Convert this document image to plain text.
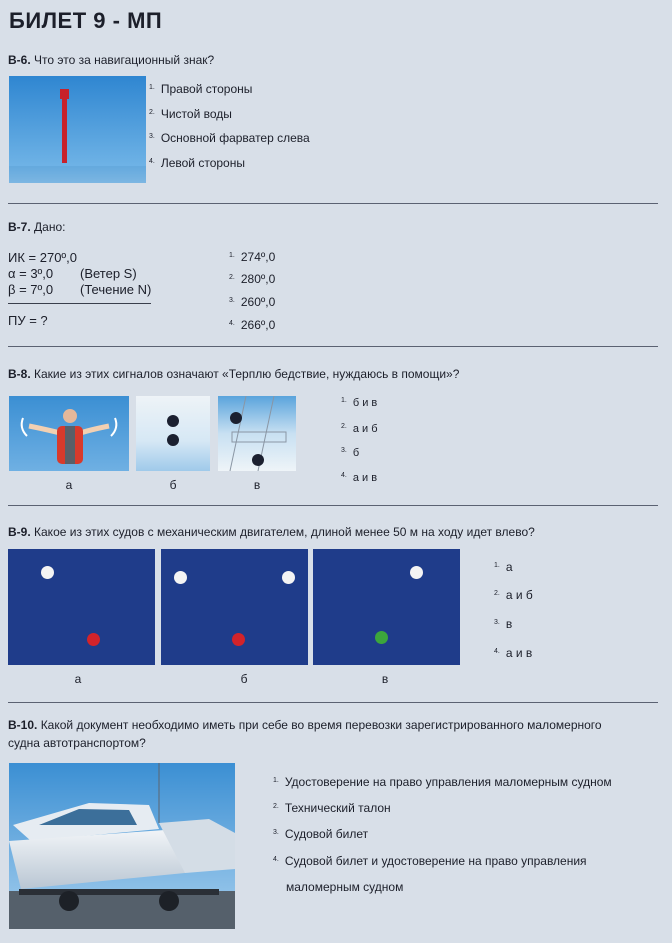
БИЛЕТ 9 - МП
В-6. Что это за навигационный знак?
$^{1.}$ Правой стороны
$^{2.}$ Чистой воды
$^{3.}$ Основной фарватер слева
$^{4.}$ Левой стороны
В-7. Дано:
ИК = 270º,0
α = 3º,0 (Ветер S)
β = 7º,0 (Течение N)
ПУ = ?
$^{1.}$ 274º,0
$^{2.}$ 280º,0
$^{3.}$ 260º,0
$^{4.}$ 266º,0
В-8. Какие из этих сигналов означают «Терплю бедствие, нуждаюсь в помощи»?
а	б	в
$^{1.}$ б и в
$^{2.}$ а и б
$^{3.}$ б
$^{4.}$ а и в
В-9. Какое из этих судов с механическим двигателем, длиной менее 50 м на ходу идет влево?
а	б	в
$^{1.}$ а
$^{2.}$ а и б
$^{3.}$ в
$^{4.}$ а и в
В-10. Какой документ необходимо иметь при себе во время перевозки зарегистрированного маломерного
судна автотранспортом?
$^{1.}$ Удостоверение на право управления маломерным судном
$^{2.}$ Технический талон
$^{3.}$ Судовой билет
$^{4.}$ Судовой билет и удостоверение на право управления
маломерным судном
